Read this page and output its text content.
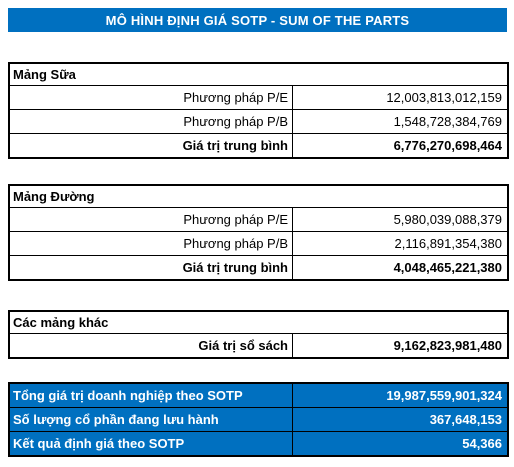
MÔ HÌNH ĐỊNH GIÁ SOTP - SUM OF THE PARTS
Mảng Sữa
Phương pháp P/E	12,003,813,012,159
Phương pháp P/B	1,548,728,384,769
Giá trị trung bình	6,776,270,698,464
Mảng Đường
Phương pháp P/E	5,980,039,088,379
Phương pháp P/B	2,116,891,354,380
Giá trị trung bình	4,048,465,221,380
Các mảng khác
Giá trị sổ sách	9,162,823,981,480
Tổng giá trị doanh nghiệp theo SOTP	19,987,559,901,324
Số lượng cổ phần đang lưu hành	367,648,153
Kết quả định giá theo SOTP	54,366
